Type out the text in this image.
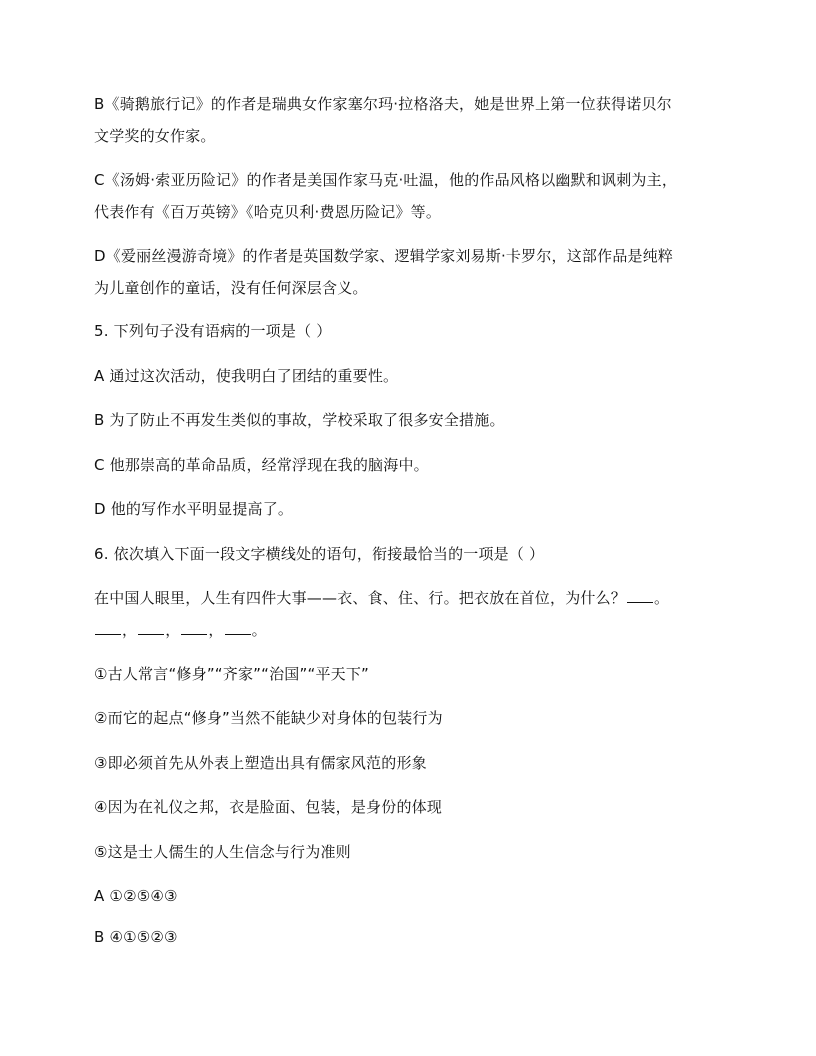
B《骑鹅旅行记》的作者是瑞典女作家塞尔玛·拉格洛夫，她是世界上第一位获得诺贝尔
文学奖的女作家。
C《汤姆·索亚历险记》的作者是美国作家马克·吐温，他的作品风格以幽默和讽刺为主，
代表作有《百万英镑》《哈克贝利·费恩历险记》等。
D《爱丽丝漫游奇境》的作者是英国数学家、逻辑学家刘易斯·卡罗尔，这部作品是纯粹
为儿童创作的童话，没有任何深层含义。
5. 下列句子没有语病的一项是（ ）
A 通过这次活动，使我明白了团结的重要性。
B 为了防止不再发生类似的事故，学校采取了很多安全措施。
C 他那崇高的革命品质，经常浮现在我的脑海中。
D 他的写作水平明显提高了。
6. 依次填入下面一段文字横线处的语句，衔接最恰当的一项是（ ）
在中国人眼里，人生有四件大事——衣、食、住、行。把衣放在首位，为什么？ 。
， ， ， 。
①古人常言“修身”“齐家”“治国”“平天下”
②而它的起点“修身”当然不能缺少对身体的包装行为
③即必须首先从外表上塑造出具有儒家风范的形象
④因为在礼仪之邦，衣是脸面、包装，是身份的体现
⑤这是士人儒生的人生信念与行为准则
A ①②⑤④③
B ④①⑤②③
